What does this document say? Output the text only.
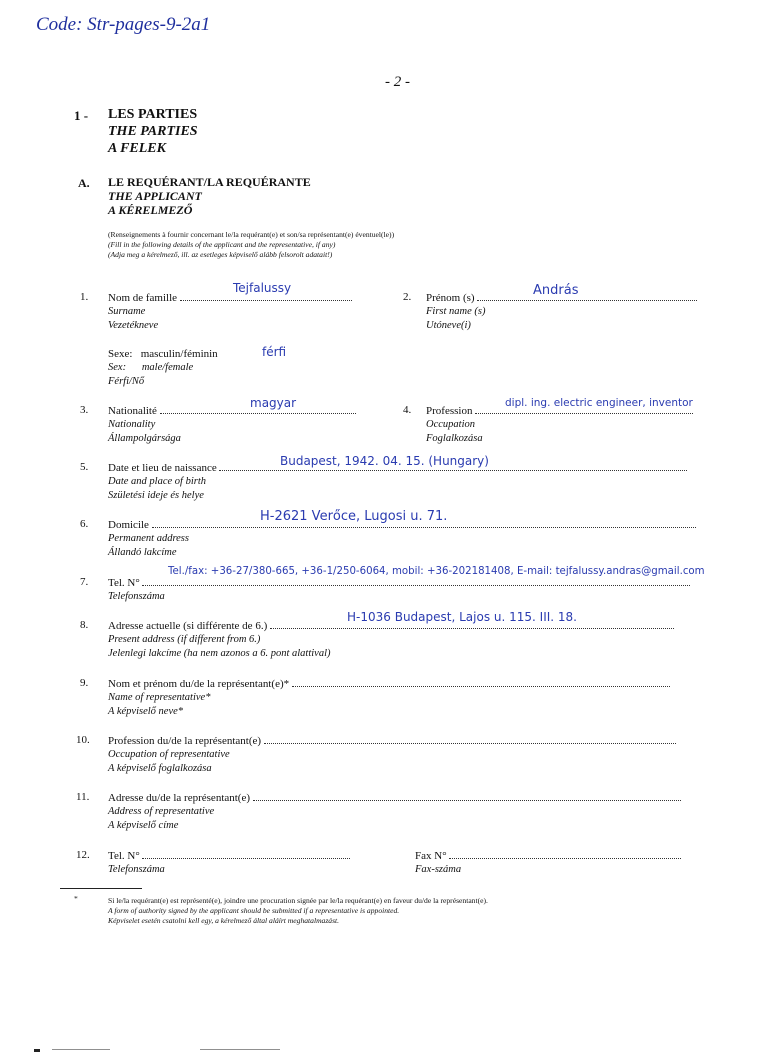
Code: Str-pages-9-2a1
- 2 -
1 - LES PARTIES
THE PARTIES
A FELEK
A. LE REQUÉRANT/LA REQUÉRANTE
THE APPLICANT
A KÉRELMEZŐ
(Renseignements à fournir concernant le/la requérant(e) et son/sa représentant(e) éventuel(le))
(Fill in the following details of the applicant and the representative, if any)
(Adja meg a kérelmező, ill. az esetleges képviselő alább felsorolt adatait!)
1. Nom de famille
Surname
Vezetékneve
Tejfalussy
2. Prénom (s)
First name (s)
Utóneve(i)
András
Sexe: masculin/féminin
Sex: male/female
Férfi/Nő
férfi
3. Nationalité
Nationality
Állampolgársága
magyar	4. Profession
Occupation
Foglalkozása
dipl. ing. electric engineer, inventor
5. Date et lieu de naissance
Date and place of birth
Születési ideje és helye
Budapest, 1942. 04. 15. (Hungary)
6. Domicile
Permanent address
Állandó lakcíme
H-2621 Verőce, Lugosi u. 71.
7. Tel. N°
Telefonszáma
Tel./fax: +36-27/380-665, +36-1/250-6064, mobil: +36-202181408, E-mail: tejfalussy.andras@gmail.com
8. Adresse actuelle (si différente de 6.)
Present address (if different from 6.)
Jelenlegi lakcíme (ha nem azonos a 6. pont alattival)
H-1036 Budapest, Lajos u. 115. III. 18.
9. Nom et prénom du/de la représentant(e)*
Name of representative*
A képviselő neve*
10. Profession du/de la représentant(e)
Occupation of representative
A képviselő foglalkozása
11. Adresse du/de la représentant(e)
Address of representative
A képviselő címe
12. Tel. N°
Telefonszáma
Fax N°
Fax-száma
*	Si le/la requérant(e) est représenté(e), joindre une procuration signée par le/la requérant(e) en faveur du/de la représentant(e).
A form of authority signed by the applicant should be submitted if a representative is appointed.
Képviselet esetén csatolni kell egy, a kérelmező által aláírt meghatalmazást.
